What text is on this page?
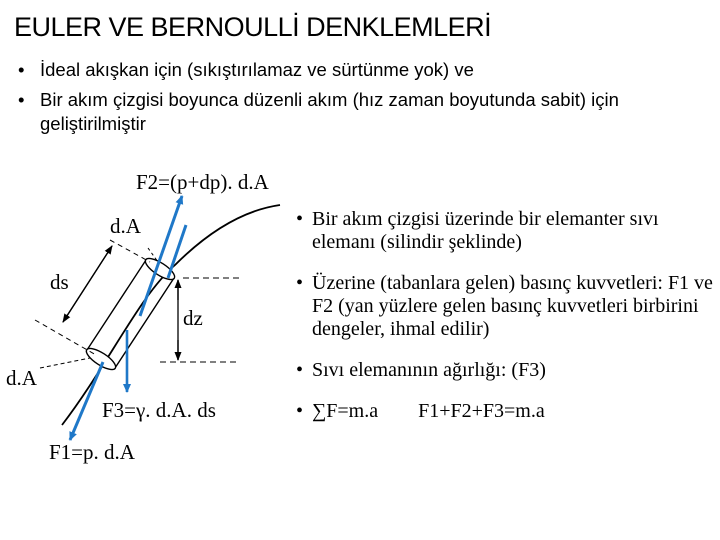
EULER VE BERNOULLİ DENKLEMLERİ
• İdeal akışkan için (sıkıştırılamaz ve sürtünme yok) ve
• Bir akım çizgisi boyunca düzenli akım (hız zaman boyutunda sabit) için geliştirilmiştir
F2=(p+dp). d.A
d.A
ds
dz
d.A
F3=γ. d.A. ds
F1=p. d.A
• Bir akım çizgisi üzerinde bir elemanter sıvı elemanı (silindir şeklinde)
• Üzerine (tabanlara gelen) basınç kuvvetleri: F1 ve F2 (yan yüzlere gelen basınç kuvvetleri birbirini dengeler, ihmal edilir)
• Sıvı elemanının ağırlığı: (F3)
• ∑F=m.a F1+F2+F3=m.a
